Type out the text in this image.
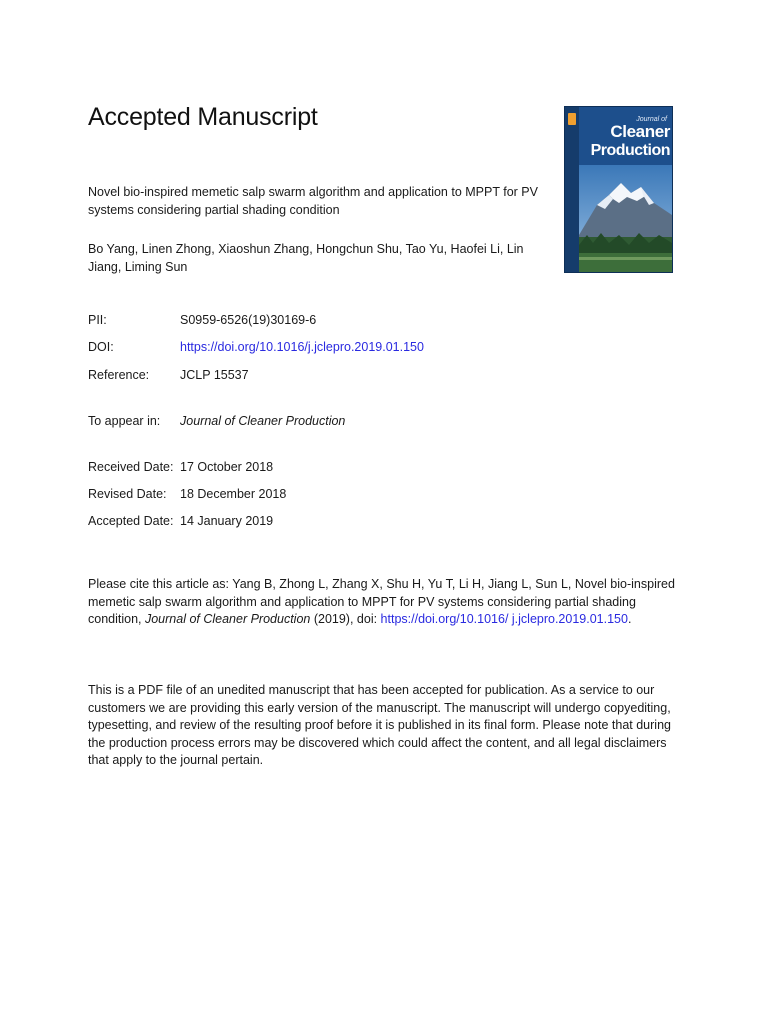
Accepted Manuscript
Novel bio-inspired memetic salp swarm algorithm and application to MPPT for PV systems considering partial shading condition
Bo Yang, Linen Zhong, Xiaoshun Zhang, Hongchun Shu, Tao Yu, Haofei Li, Lin Jiang, Liming Sun
PII:	S0959-6526(19)30169-6
DOI:	https://doi.org/10.1016/j.jclepro.2019.01.150
Reference: JCLP 15537
To appear in: Journal of Cleaner Production
Received Date: 17 October 2018
Revised Date: 18 December 2018
Accepted Date: 14 January 2019
Please cite this article as: Yang B, Zhong L, Zhang X, Shu H, Yu T, Li H, Jiang L, Sun L, Novel bio-inspired memetic salp swarm algorithm and application to MPPT for PV systems considering partial shading condition, Journal of Cleaner Production (2019), doi: https://doi.org/10.1016/ j.jclepro.2019.01.150.
This is a PDF file of an unedited manuscript that has been accepted for publication. As a service to our customers we are providing this early version of the manuscript. The manuscript will undergo copyediting, typesetting, and review of the resulting proof before it is published in its final form. Please note that during the production process errors may be discovered which could affect the content, and all legal disclaimers that apply to the journal pertain.
Journal of
Cleaner
Production
